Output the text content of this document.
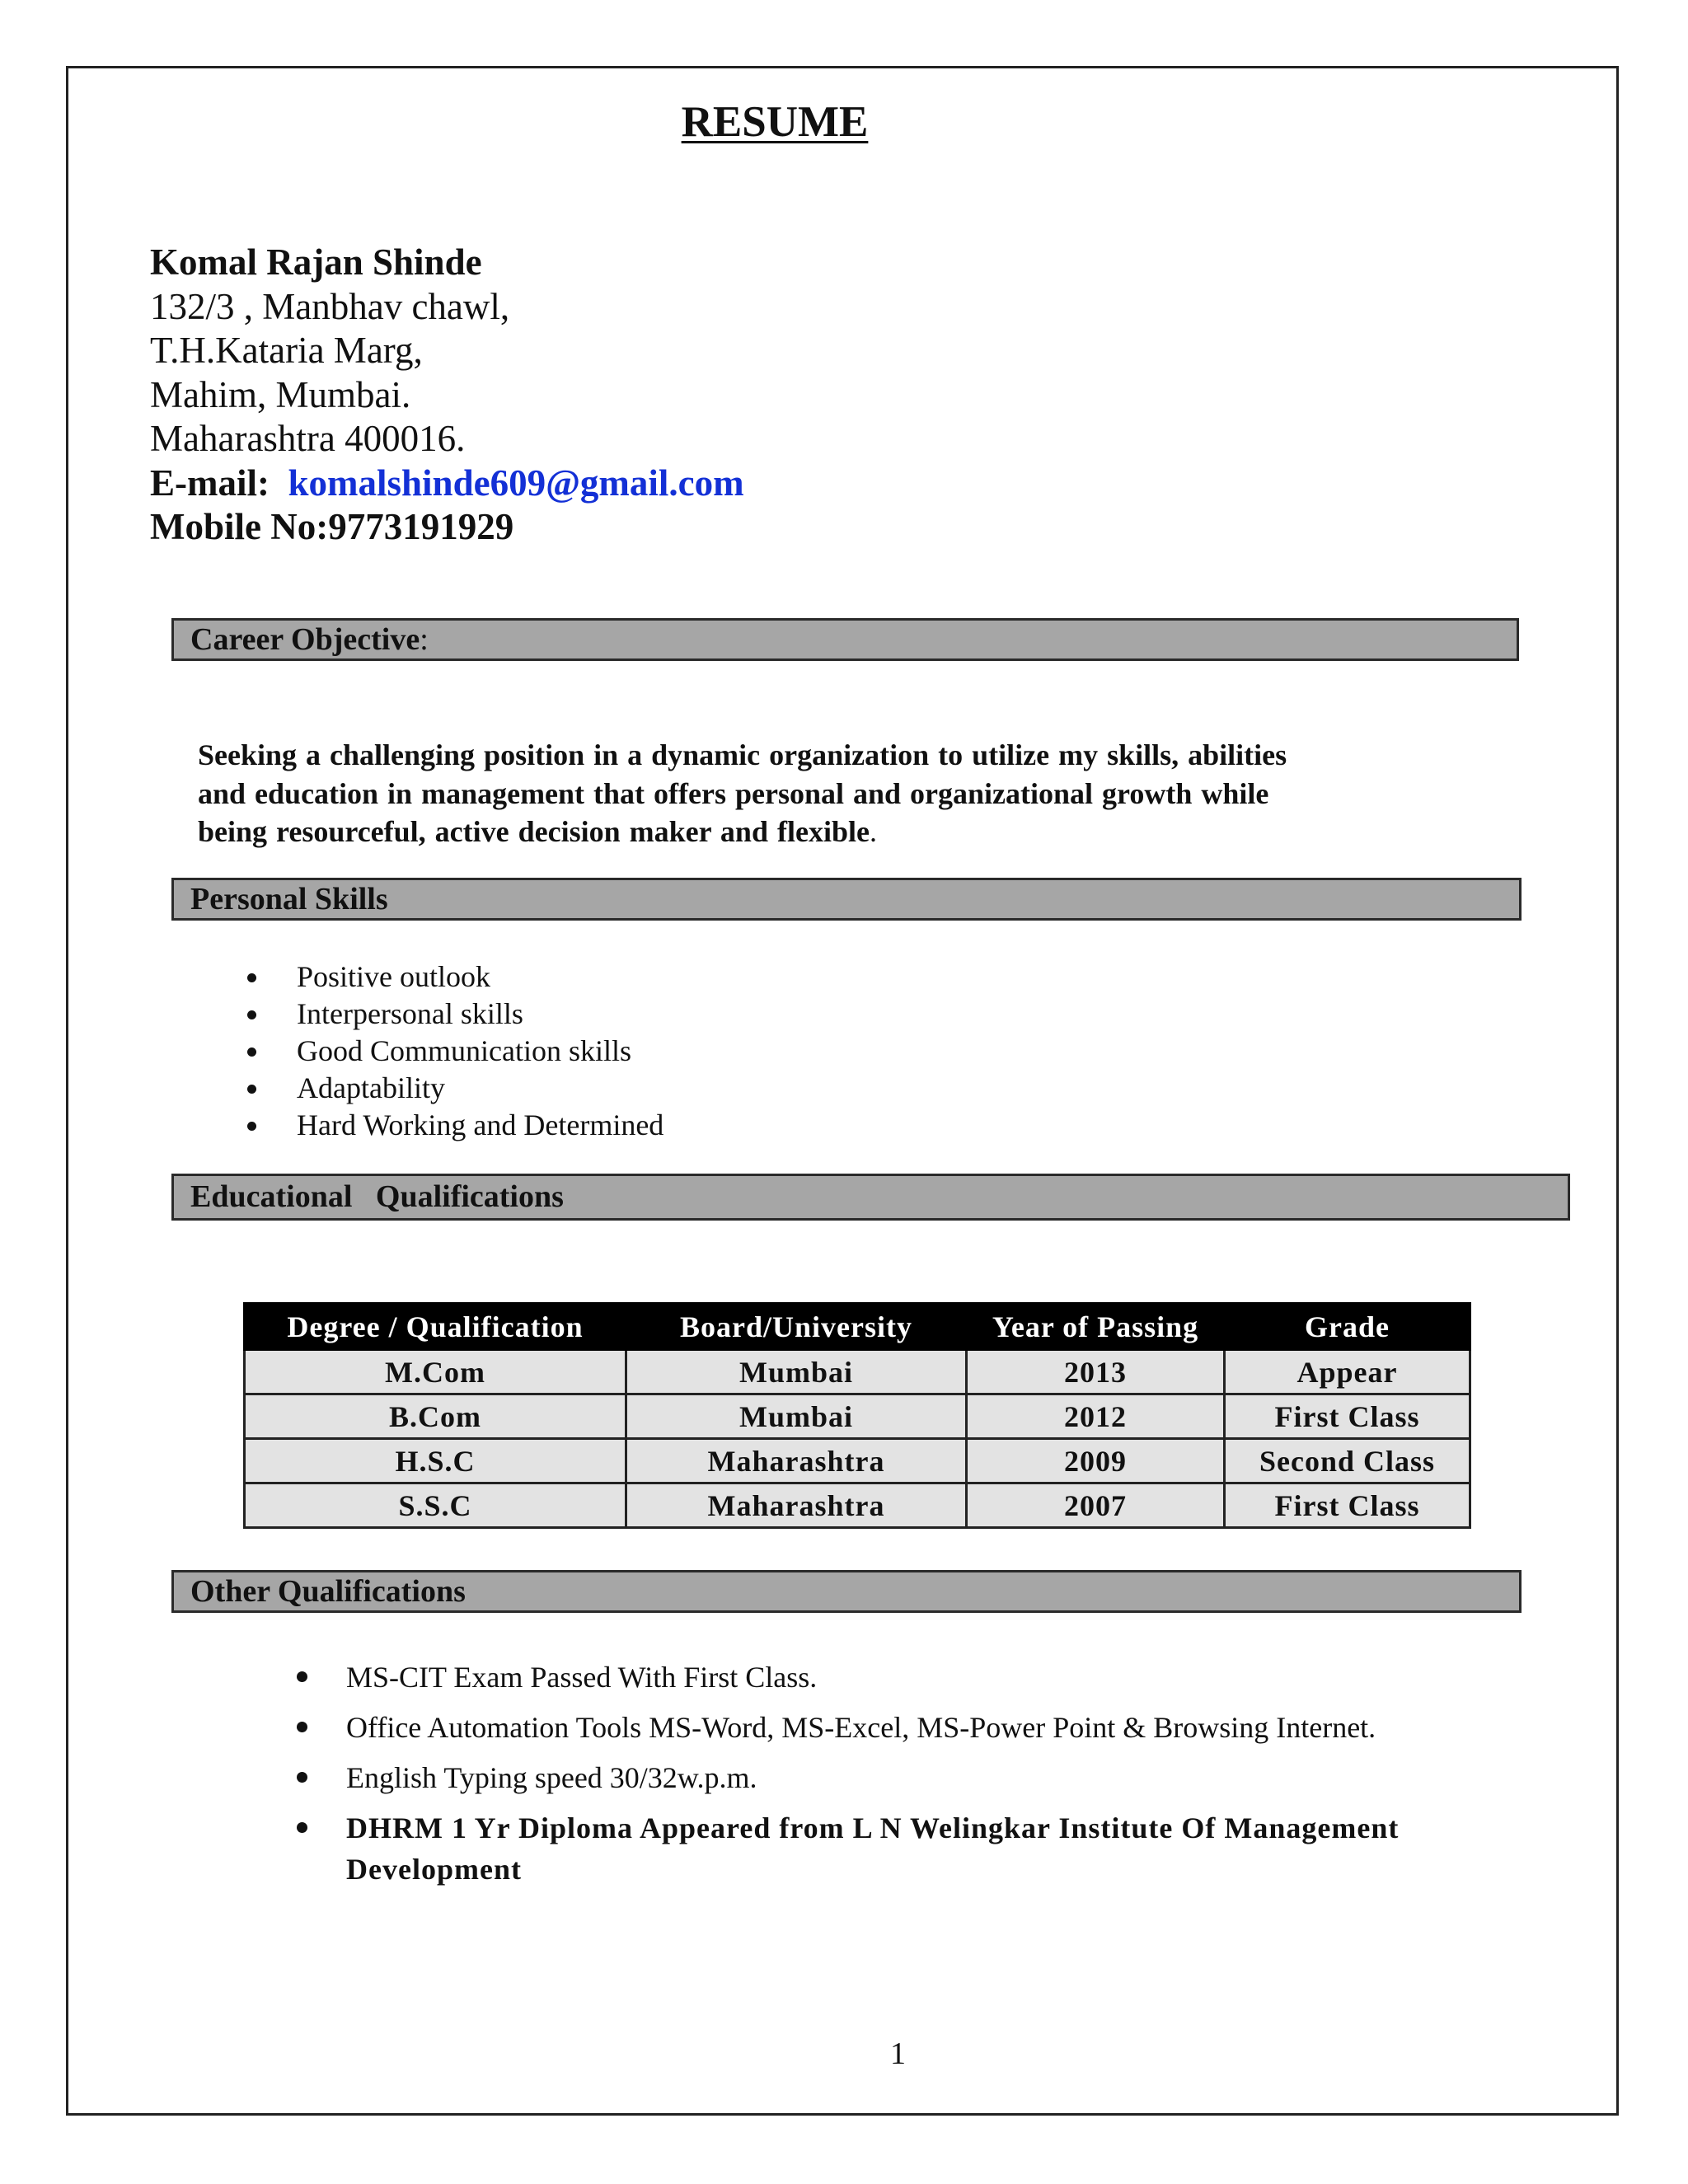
RESUME
Komal Rajan Shinde
132/3 , Manbhav chawl,
T.H.Kataria Marg,
Mahim, Mumbai.
Maharashtra 400016.
E-mail: komalshinde609@gmail.com
Mobile No:9773191929
Career Objective:
Seeking a challenging position in a dynamic organization to utilize my skills, abilities
and education in management that offers personal and organizational growth while
being resourceful, active decision maker and flexible.
Personal Skills
Positive outlook
Interpersonal skills
Good Communication skills
Adaptability
Hard Working and Determined
Educational   Qualifications
Degree / Qualification	Board/University	Year of Passing	Grade
M.Com	Mumbai	2013	Appear
B.Com	Mumbai	2012	First Class
H.S.C	Maharashtra	2009	Second Class
S.S.C	Maharashtra	2007	First Class
Other Qualifications
MS-CIT Exam Passed With First Class.
Office Automation Tools MS-Word, MS-Excel, MS-Power Point & Browsing Internet.
English Typing speed 30/32w.p.m.
DHRM 1 Yr Diploma Appeared from L N Welingkar Institute Of Management Development
1
